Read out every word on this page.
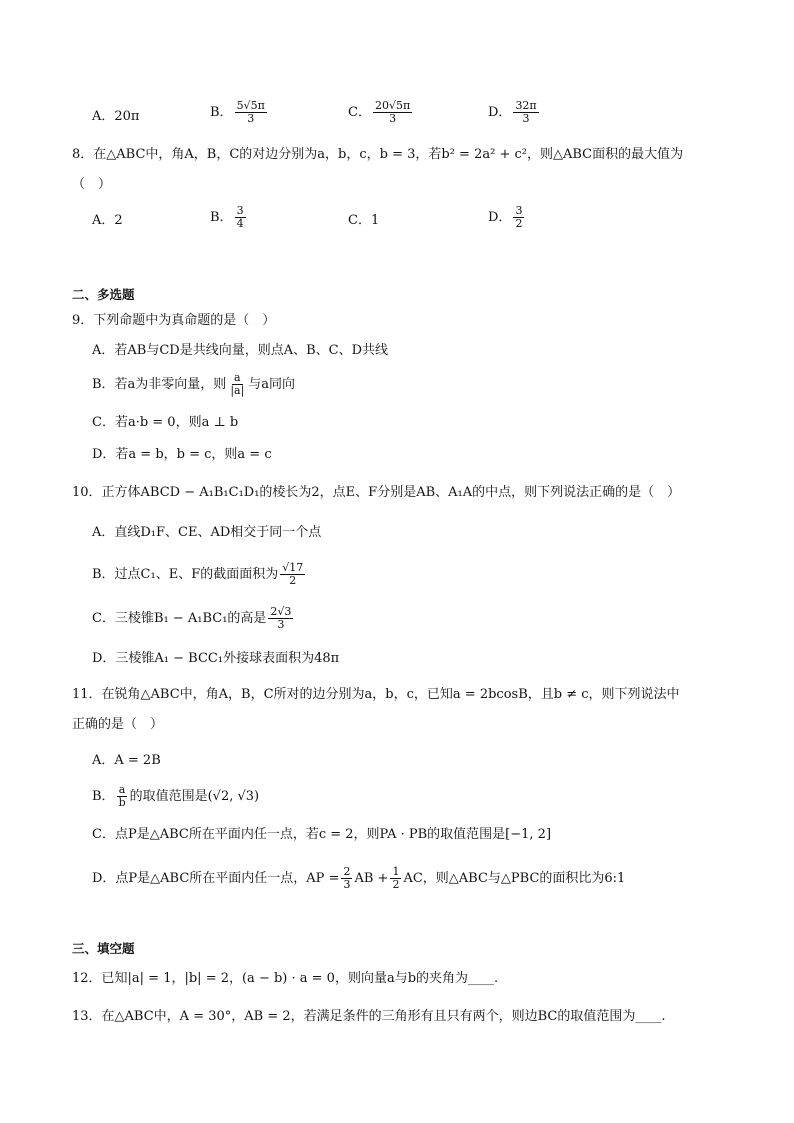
A．20π	B． $\frac{5√5\pi}{3}$	C． $\frac{20√5\pi}{3}$	D． $\frac{32\pi}{3}$
8．在△ABC中，角A，B，C的对边分别为a，b，c，b = 3，若b² = 2a² + c²，则△ABC面积的最大值为
（　）
A．2	B． $\frac{3}{4}$	C．1	D． $\frac{3}{2}$
二、多选题
9．下列命题中为真命题的是（　）
A．若AB与CD是共线向量，则点A、B、C、D共线
B．若a为非零向量，则 $\frac{a}{|a|}$ 与a同向
C．若a·b = 0，则a ⊥ b
D．若a = b，b = c，则a = c
10．正方体ABCD − A₁B₁C₁D₁的棱长为2，点E、F分别是AB、A₁A的中点，则下列说法正确的是（　）
A．直线D₁F、CE、AD相交于同一个点
B．过点C₁、E、F的截面面积为 $\frac{√17}{2}$
C．三棱锥B₁ − A₁BC₁的高是 $\frac{2√3}{3}$
D．三棱锥A₁ − BCC₁外接球表面积为48π
11．在锐角△ABC中，角A，B，C所对的边分别为a，b，c，已知a = 2bcosB，且b ≠ c，则下列说法中
正确的是（　）
A．A = 2B
B． $\frac{a}{b}$ 的取值范围是(√2, √3)
C．点P是△ABC所在平面内任一点，若c = 2，则PA · PB的取值范围是[−1, 2]
D．点P是△ABC所在平面内任一点，AP = $\frac{2}{3}$ AB + $\frac{1}{2}$ AC，则△ABC与△PBC的面积比为6:1
三、填空题
12．已知|a| = 1，|b| = 2，(a − b) · a = 0，则向量a与b的夹角为____.
13．在△ABC中，A = 30°，AB = 2，若满足条件的三角形有且只有两个，则边BC的取值范围为____.
